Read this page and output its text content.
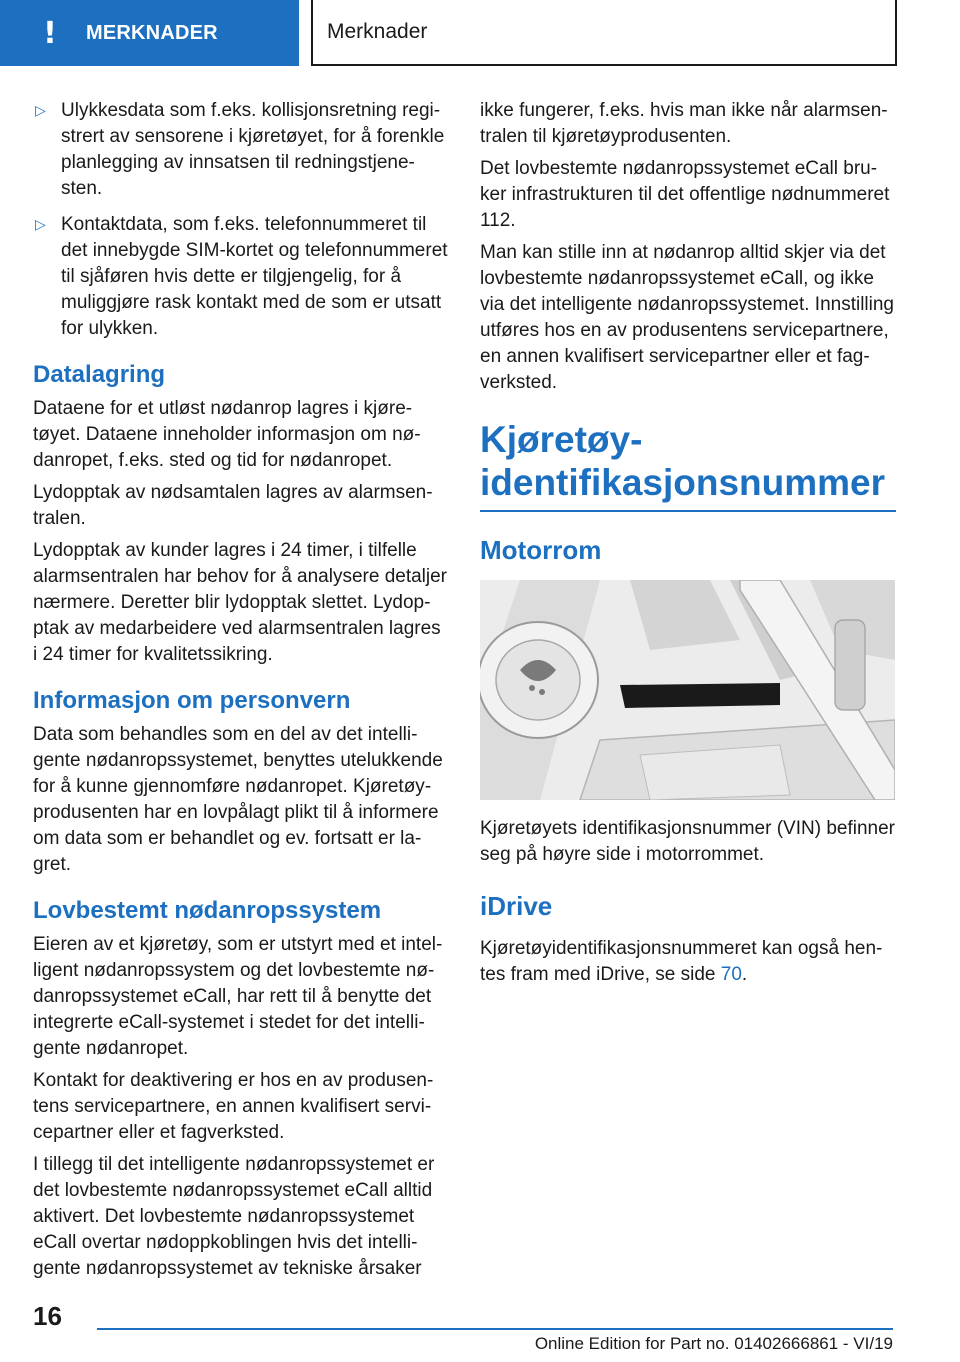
! MERKNADER	Merknader
▷ Ulykkesdata som f.eks. kollisjonsretning registrert av sensorene i kjøretøyet, for å forenkle planlegging av innsatsen til redningstjenesten.
▷ Kontaktdata, som f.eks. telefonnummeret til det innebygde SIM-kortet og telefonnummeret til sjåføren hvis dette er tilgjengelig, for å muliggjøre rask kontakt med de som er utsatt for ulykken.
Datalagring

Dataene for et utløst nødanrop lagres i kjøretøyet. Dataene inneholder informasjon om nødanropet, f.eks. sted og tid for nødanropet.

Lydopptak av nødsamtalen lagres av alarmsentralen.

Lydopptak av kunder lagres i 24 timer, i tilfelle alarmsentralen har behov for å analysere detaljer nærmere. Deretter blir lydopptak slettet. Lydopptak av medarbeidere ved alarmsentralen lagres i 24 timer for kvalitetssikring.

Informasjon om personvern

Data som behandles som en del av det intelligente nødanropssystemet, benyttes utelukkende for å kunne gjennomføre nødanropet. Kjøretøyprodusenten har en lovpålagt plikt til å informere om data som er behandlet og ev. fortsatt er lagret.

Lovbestemt nødanropssystem

Eieren av et kjøretøy, som er utstyrt med et intelligent nødanropssystem og det lovbestemte nødanropssystemet eCall, har rett til å benytte det integrerte eCall-systemet i stedet for det intelligente nødanropet.

Kontakt for deaktivering er hos en av produsentens servicepartnere, en annen kvalifisert servicepartner eller et fagverksted.

I tillegg til det intelligente nødanropssystemet er det lovbestemte nødanropssystemet eCall alltid aktivert. Det lovbestemte nødanropssystemet eCall overtar nødoppkoblingen hvis det intelligente nødanropssystemet av tekniske årsaker

ikke fungerer, f.eks. hvis man ikke når alarmsentralen til kjøretøyprodusenten.

Det lovbestemte nødanropssystemet eCall bruker infrastrukturen til det offentlige nødnummeret 112.

Man kan stille inn at nødanrop alltid skjer via det lovbestemte nødanropssystemet eCall, og ikke via det intelligente nødanropssystemet. Innstilling utføres hos en av produsentens servicepartnere, en annen kvalifisert servicepartner eller et fagverksted.

Kjøretøy-
identifikasjonsnummer
Motorrom

Kjøretøyets identifikasjonsnummer (VIN) befinner seg på høyre side i motorrommet.

iDrive

Kjøretøyidentifikasjonsnummeret kan også hentes fram med iDrive, se side 70.

16
Online Edition for Part no. 01402666861 - VI/19
